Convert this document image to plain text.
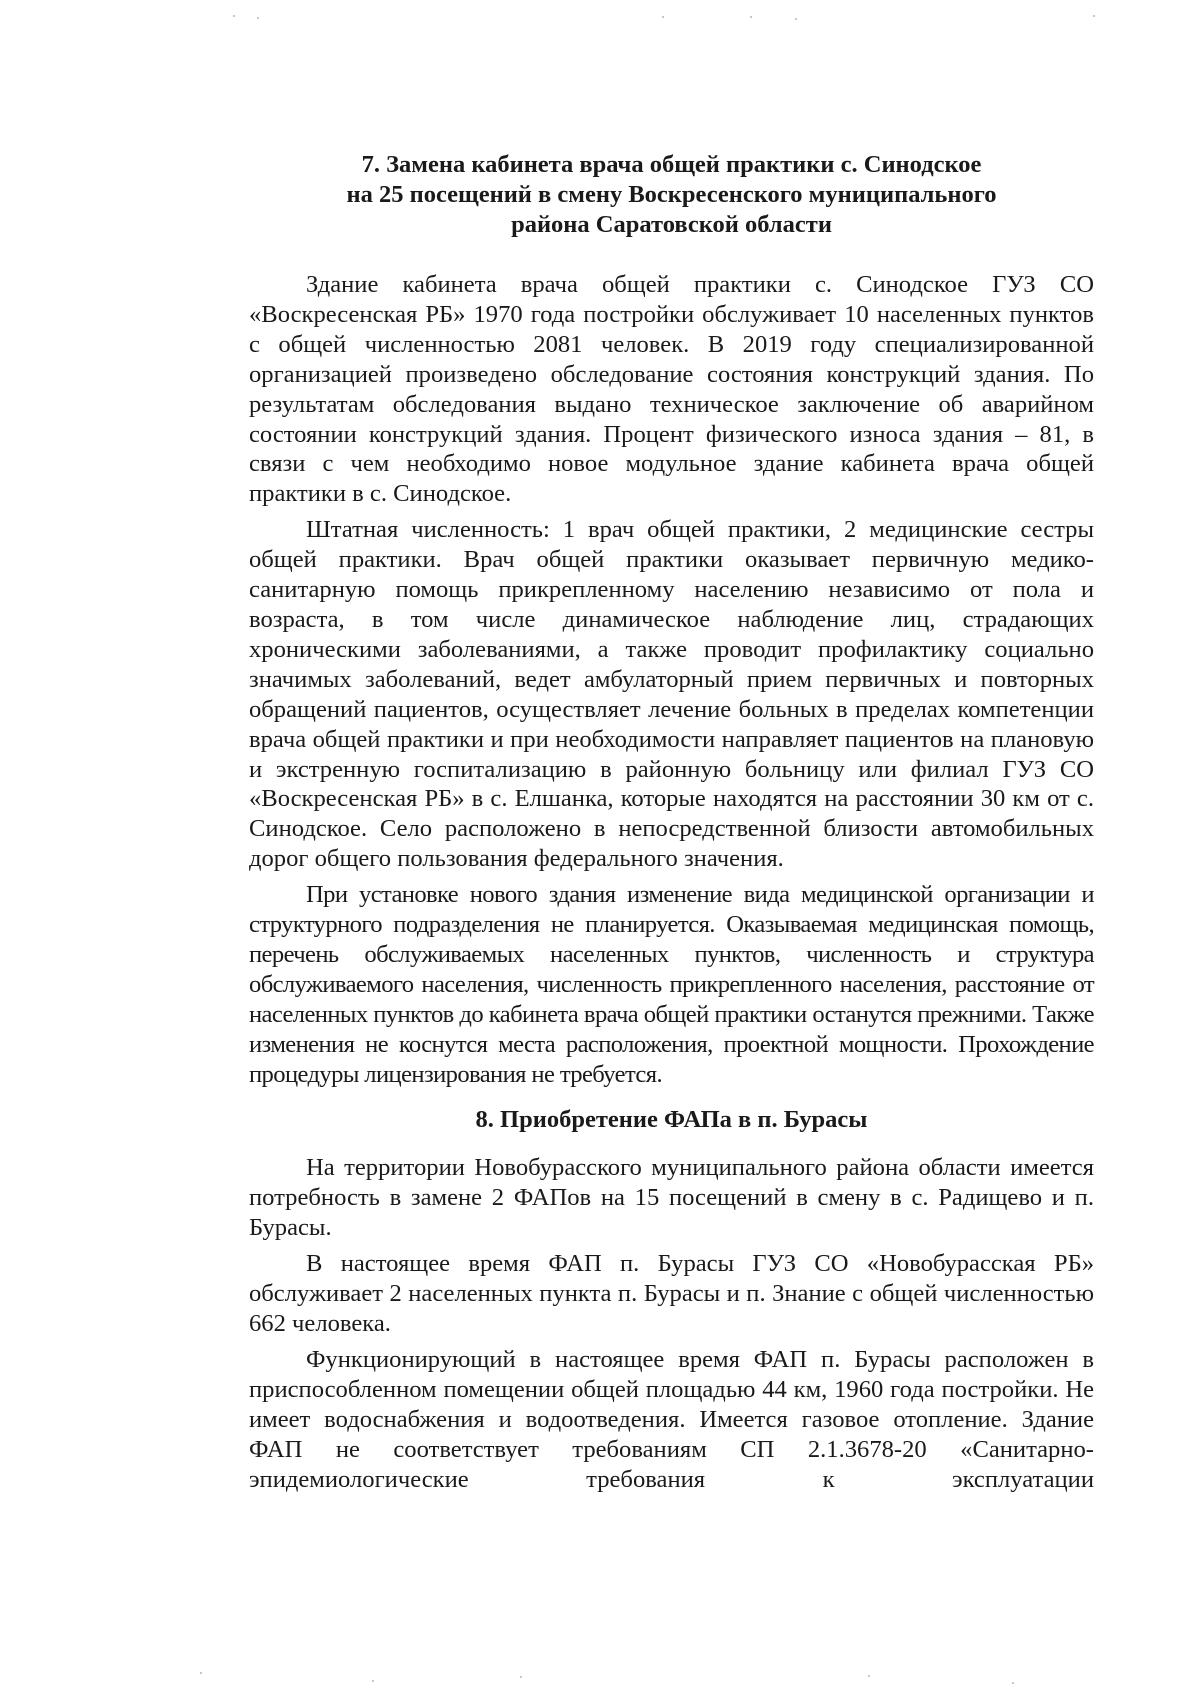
7. Замена кабинета врача общей практики с. Синодское
на 25 посещений в смену Воскресенского муниципального
района Саратовской области

Здание кабинета врача общей практики с. Синодское ГУЗ СО «Воскресенская РБ» 1970 года постройки обслуживает 10 населенных пунктов с общей численностью 2081 человек. В 2019 году специализированной организацией произведено обследование состояния конструкций здания. По результатам обследования выдано техническое заключение об аварийном состоянии конструкций здания. Процент физического износа здания – 81, в связи с чем необходимо новое модульное здание кабинета врача общей практики в с. Синодское.

Штатная численность: 1 врач общей практики, 2 медицинские сестры общей практики. Врач общей практики оказывает первичную медико-санитарную помощь прикрепленному населению независимо от пола и возраста, в том числе динамическое наблюдение лиц, страдающих хроническими заболеваниями, а также проводит профилактику социально значимых заболеваний, ведет амбулаторный прием первичных и повторных обращений пациентов, осуществляет лечение больных в пределах компетенции врача общей практики и при необходимости направляет пациентов на плановую и экстренную госпитализацию в районную больницу или филиал ГУЗ СО «Воскресенская РБ» в с. Елшанка, которые находятся на расстоянии 30 км от с. Синодское. Село расположено в непосредственной близости автомобильных дорог общего пользования федерального значения.

При установке нового здания изменение вида медицинской организации и структурного подразделения не планируется. Оказываемая медицинская помощь, перечень обслуживаемых населенных пунктов, численность и структура обслуживаемого населения, численность прикрепленного населения, расстояние от населенных пунктов до кабинета врача общей практики останутся прежними. Также изменения не коснутся места расположения, проектной мощности. Прохождение процедуры лицензирования не требуется.

8. Приобретение ФАПа в п. Бурасы

На территории Новобурасского муниципального района области имеется потребность в замене 2 ФАПов на 15 посещений в смену в с. Радищево и п. Бурасы.

В настоящее время ФАП п. Бурасы ГУЗ СО «Новобурасская РБ» обслуживает 2 населенных пункта п. Бурасы и п. Знание с общей численностью 662 человека.

Функционирующий в настоящее время ФАП п. Бурасы расположен в приспособленном помещении общей площадью 44 км, 1960 года постройки. Не имеет водоснабжения и водоотведения. Имеется газовое отопление. Здание ФАП не соответствует требованиям СП 2.1.3678-20 «Санитарно-эпидемиологические требования к эксплуатации
